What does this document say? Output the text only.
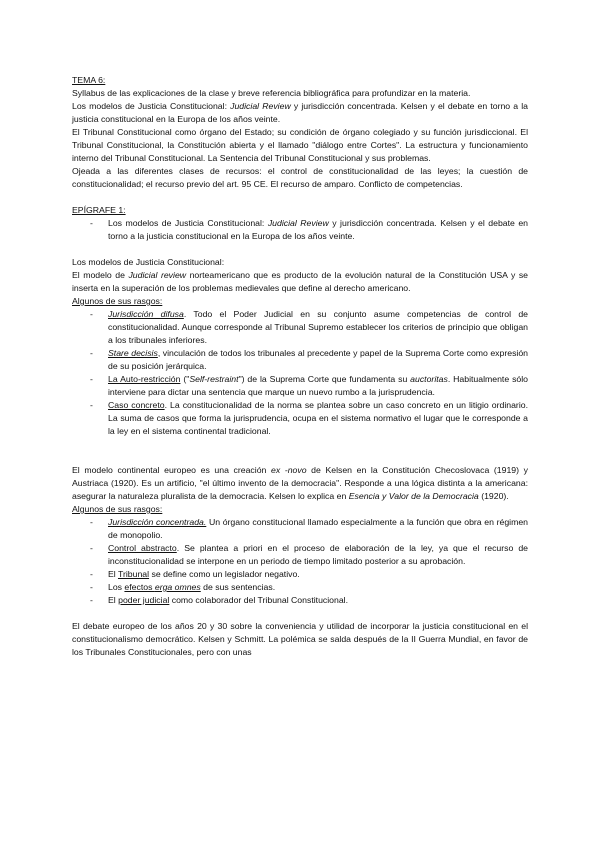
TEMA 6:

Syllabus de las explicaciones de la clase y breve referencia bibliográfica para profundizar en la materia.

Los modelos de Justicia Constitucional: Judicial Review y jurisdicción concentrada. Kelsen y el debate en torno a la justicia constitucional en la Europa de los años veinte.

El Tribunal Constitucional como órgano del Estado; su condición de órgano colegiado y su función jurisdiccional. El Tribunal Constitucional, la Constitución abierta y el llamado "diálogo entre Cortes". La estructura y funcionamiento interno del Tribunal Constitucional. La Sentencia del Tribunal Constitucional y sus problemas.

Ojeada a las diferentes clases de recursos: el control de constitucionalidad de las leyes; la cuestión de constitucionalidad; el recurso previo del art. 95 CE. El recurso de amparo. Conflicto de competencias.

EPÍGRAFE 1:

- Los modelos de Justicia Constitucional: Judicial Review y jurisdicción concentrada. Kelsen y el debate en torno a la justicia constitucional en la Europa de los años veinte.

Los modelos de Justicia Constitucional:

El modelo de Judicial review norteamericano que es producto de la evolución natural de la Constitución USA y se inserta en la superación de los problemas medievales que define al derecho americano.

Algunos de sus rasgos:

- Jurisdicción difusa. Todo el Poder Judicial en su conjunto asume competencias de control de constitucionalidad. Aunque corresponde al Tribunal Supremo establecer los criterios de principio que obligan a los tribunales inferiores.
- Stare decisis, vinculación de todos los tribunales al precedente y papel de la Suprema Corte como expresión de su posición jerárquica.
- La Auto-restricción ("Self-restraint") de la Suprema Corte que fundamenta su auctoritas. Habitualmente sólo interviene para dictar una sentencia que marque un nuevo rumbo a la jurisprudencia.
- Caso concreto. La constitucionalidad de la norma se plantea sobre un caso concreto en un litigio ordinario. La suma de casos que forma la jurisprudencia, ocupa en el sistema normativo el lugar que le corresponde a la ley en el sistema continental tradicional.

El modelo continental europeo es una creación ex -novo de Kelsen en la Constitución Checoslovaca (1919) y Austriaca (1920). Es un artificio, "el último invento de la democracia". Responde a una lógica distinta a la americana: asegurar la naturaleza pluralista de la democracia. Kelsen lo explica en Esencia y Valor de la Democracia (1920).

Algunos de sus rasgos:

- Jurisdicción concentrada. Un órgano constitucional llamado especialmente a la función que obra en régimen de monopolio.
- Control abstracto. Se plantea a priori en el proceso de elaboración de la ley, ya que el recurso de inconstitucionalidad se interpone en un periodo de tiempo limitado posterior a su aprobación.
- El Tribunal se define como un legislador negativo.
- Los efectos erga omnes de sus sentencias.
- El poder judicial como colaborador del Tribunal Constitucional.

El debate europeo de los años 20 y 30 sobre la conveniencia y utilidad de incorporar la justicia constitucional en el constitucionalismo democrático. Kelsen y Schmitt. La polémica se salda después de la II Guerra Mundial, en favor de los Tribunales Constitucionales, pero con unas
